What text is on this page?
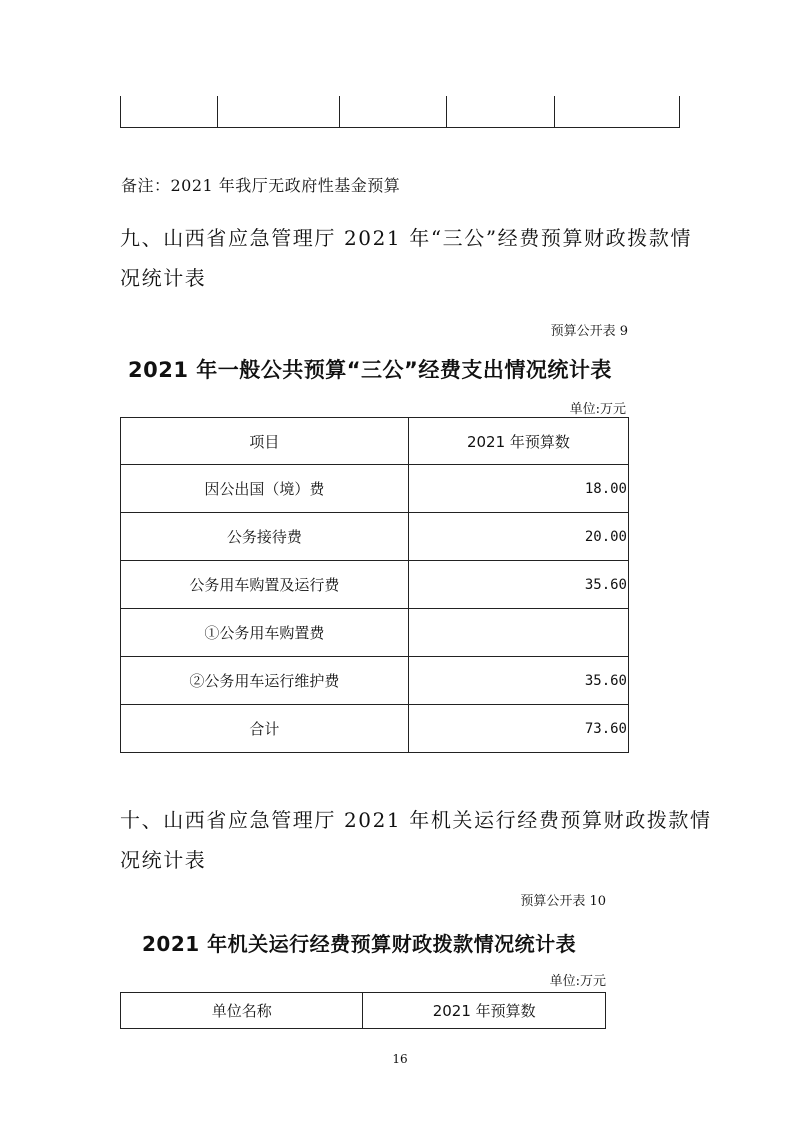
备注：2021 年我厅无政府性基金预算
九、山西省应急管理厅 2021 年“三公”经费预算财政拨款情况统计表
预算公开表 9
2021 年一般公共预算“三公”经费支出情况统计表
单位:万元
项目	2021 年预算数
因公出国（境）费	18.00
公务接待费	20.00
公务用车购置及运行费	35.60
①公务用车购置费	
②公务用车运行维护费	35.60
合计	73.60
十、山西省应急管理厅 2021 年机关运行经费预算财政拨款情况统计表
预算公开表 10
2021 年机关运行经费预算财政拨款情况统计表
单位:万元
单位名称	2021 年预算数
16
